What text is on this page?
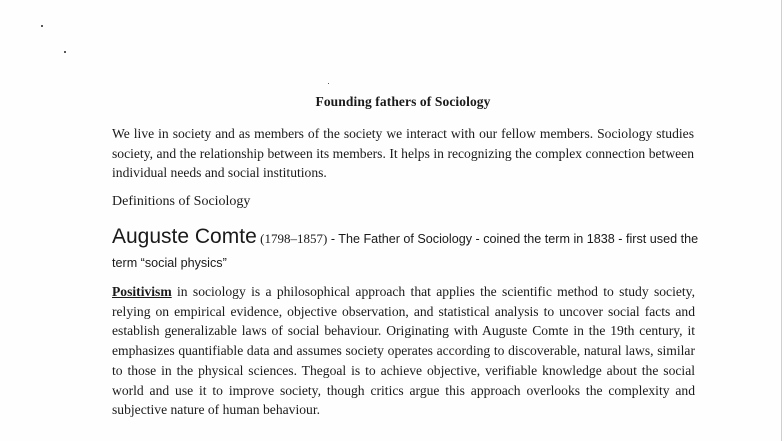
Founding fathers of Sociology
We live in society and as members of the society we interact with our fellow members. Sociology studies society, and the relationship between its members. It helps in recognizing the complex connection between individual needs and social institutions.
Definitions of Sociology
Auguste Comte (1798–1857) - The Father of Sociology - coined the term in 1838 - first used the term “social physics”
Positivism in sociology is a philosophical approach that applies the scientific method to study society, relying on empirical evidence, objective observation, and statistical analysis to uncover social facts and establish generalizable laws of social behaviour. Originating with Auguste Comte in the 19th century, it emphasizes quantifiable data and assumes society operates according to discoverable, natural laws, similar to those in the physical sciences. Thegoal is to achieve objective, verifiable knowledge about the social world and use it to improve society, though critics argue this approach overlooks the complexity and subjective nature of human behaviour.
